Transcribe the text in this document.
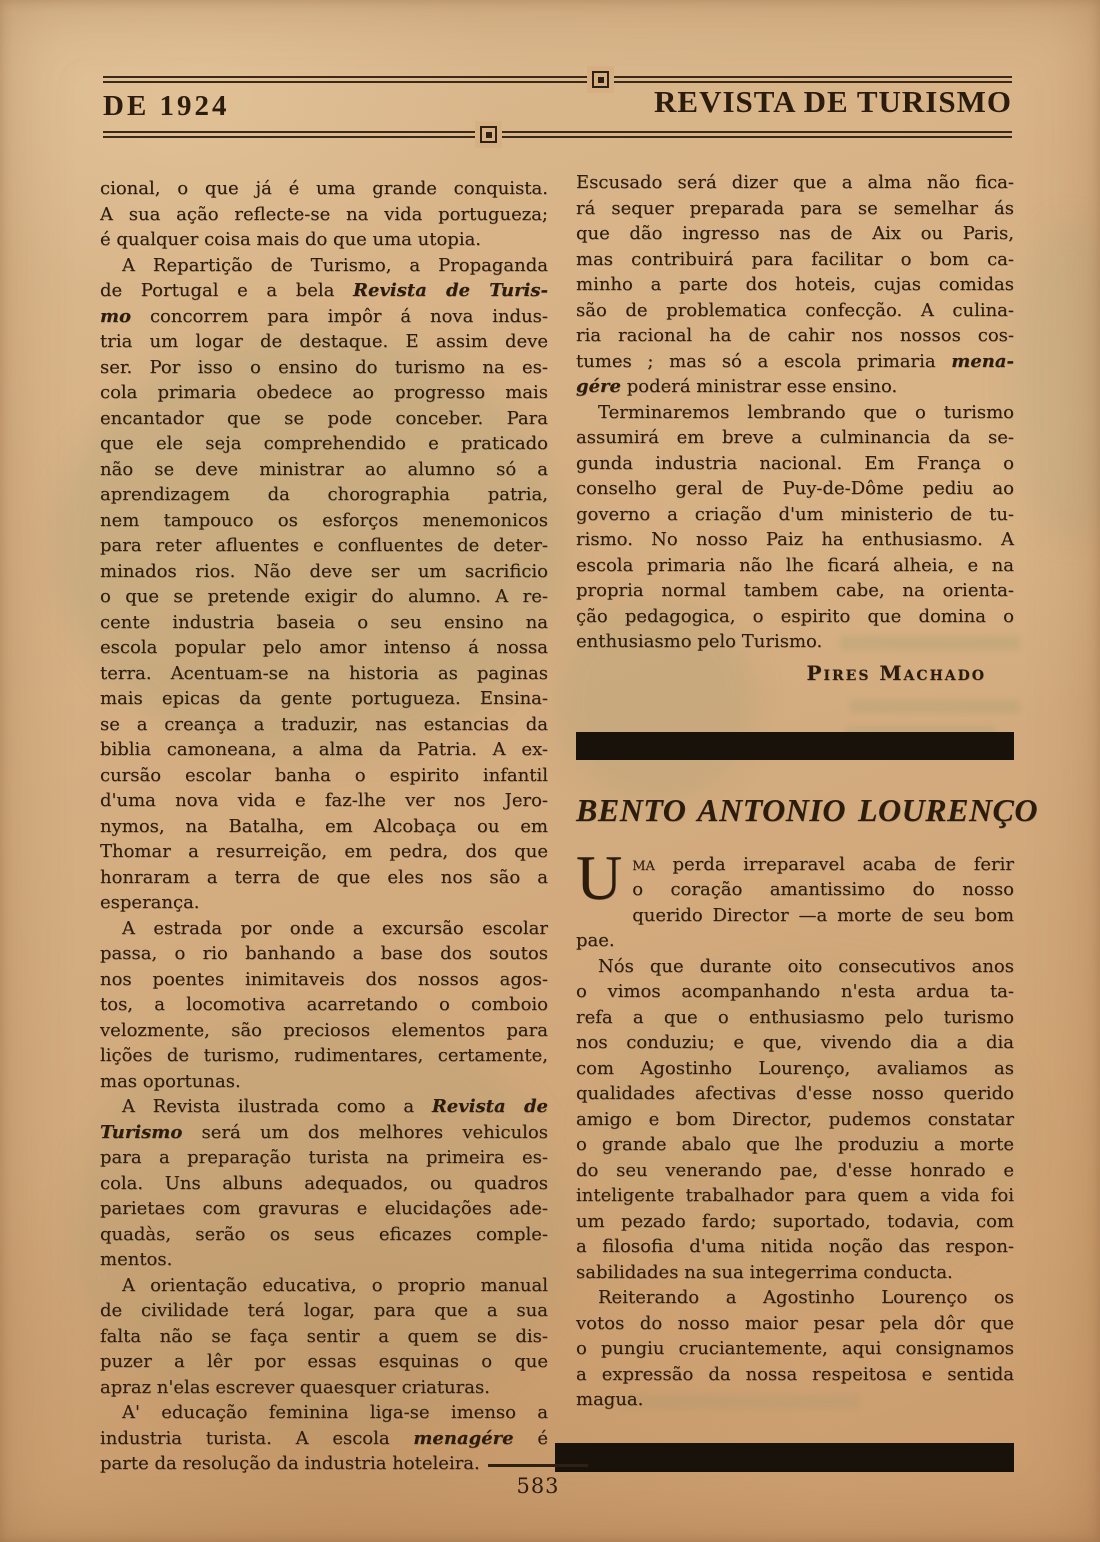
DE 1924	REVISTA DE TURISMO
cional, o que já é uma grande conquista.
A sua ação reflecte-se na vida portugueza;
é qualquer coisa mais do que uma utopia.
A Repartição de Turismo, a Propaganda
de Portugal e a bela Revista de Turis-
mo concorrem para impôr á nova indus-
tria um logar de destaque. E assim deve
ser. Por isso o ensino do turismo na es-
cola primaria obedece ao progresso mais
encantador que se pode conceber. Para
que ele seja comprehendido e praticado
não se deve ministrar ao alumno só a
aprendizagem da chorographia patria,
nem tampouco os esforços menemonicos
para reter afluentes e confluentes de deter-
minados rios. Não deve ser um sacrificio
o que se pretende exigir do alumno. A re-
cente industria baseia o seu ensino na
escola popular pelo amor intenso á nossa
terra. Acentuam-se na historia as paginas
mais epicas da gente portugueza. Ensina-
se a creança a traduzir, nas estancias da
biblia camoneana, a alma da Patria. A ex-
cursão escolar banha o espirito infantil
d'uma nova vida e faz-lhe ver nos Jero-
nymos, na Batalha, em Alcobaça ou em
Thomar a resurreição, em pedra, dos que
honraram a terra de que eles nos são a
esperança.
A estrada por onde a excursão escolar
passa, o rio banhando a base dos soutos
nos poentes inimitaveis dos nossos agos-
tos, a locomotiva acarretando o comboio
velozmente, são preciosos elementos para
lições de turismo, rudimentares, certamente,
mas oportunas.
A Revista ilustrada como a Revista de
Turismo será um dos melhores vehiculos
para a preparação turista na primeira es-
cola. Uns albuns adequados, ou quadros
parietaes com gravuras e elucidações ade-
quadàs, serão os seus eficazes comple-
mentos.
A orientação educativa, o proprio manual
de civilidade terá logar, para que a sua
falta não se faça sentir a quem se dis-
puzer a lêr por essas esquinas o que
apraz n'elas escrever quaesquer criaturas.
A' educação feminina liga-se imenso a
industria turista. A escola menagére é
parte da resolução da industria hoteleira.
Escusado será dizer que a alma não fica-
rá sequer preparada para se semelhar ás
que dão ingresso nas de Aix ou Paris,
mas contribuirá para facilitar o bom ca-
minho a parte dos hoteis, cujas comidas
são de problematica confecção. A culina-
ria racional ha de cahir nos nossos cos-
tumes ; mas só a escola primaria mena-
gére poderá ministrar esse ensino.
Terminaremos lembrando que o turismo
assumirá em breve a culminancia da se-
gunda industria nacional. Em França o
conselho geral de Puy-de-Dôme pediu ao
governo a criação d'um ministerio de tu-
rismo. No nosso Paiz ha enthusiasmo. A
escola primaria não lhe ficará alheia, e na
propria normal tambem cabe, na orienta-
ção pedagogica, o espirito que domina o
enthusiasmo pelo Turismo.
Pires Machado
BENTO ANTONIO LOURENÇO
U ma perda irreparavel acaba de ferir
o coração amantissimo do nosso
querido Director —a morte de seu bom pae.
Nós que durante oito consecutivos anos
o vimos acompanhando n'esta ardua ta-
refa a que o enthusiasmo pelo turismo
nos conduziu; e que, vivendo dia a dia
com Agostinho Lourenço, avaliamos as
qualidades afectivas d'esse nosso querido
amigo e bom Director, pudemos constatar
o grande abalo que lhe produziu a morte
do seu venerando pae, d'esse honrado e
inteligente trabalhador para quem a vida foi
um pezado fardo; suportado, todavia, com
a filosofia d'uma nitida noção das respon-
sabilidades na sua integerrima conducta.
Reiterando a Agostinho Lourenço os
votos do nosso maior pesar pela dôr que
o pungiu cruciantemente, aqui consignamos
a expressão da nossa respeitosa e sentida
magua.
583
